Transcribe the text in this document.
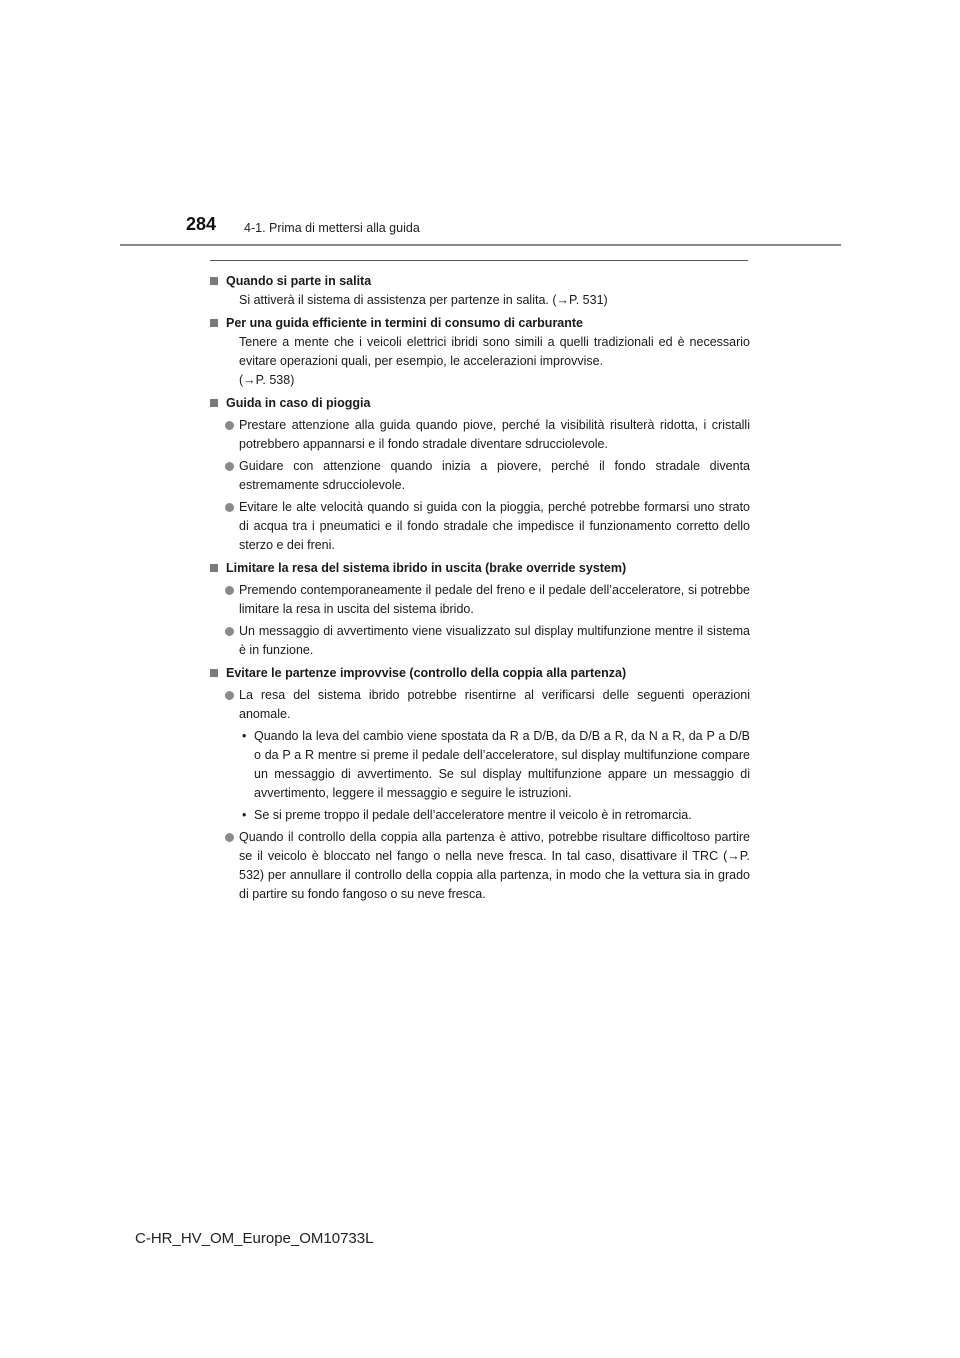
284 4-1. Prima di mettersi alla guida
Quando si parte in salita
Si attiverà il sistema di assistenza per partenze in salita. (→P. 531)
Per una guida efficiente in termini di consumo di carburante
Tenere a mente che i veicoli elettrici ibridi sono simili a quelli tradizionali ed è necessario evitare operazioni quali, per esempio, le accelerazioni improvvise.
(→P. 538)
Guida in caso di pioggia
Prestare attenzione alla guida quando piove, perché la visibilità risulterà ridotta, i cristalli potrebbero appannarsi e il fondo stradale diventare sdrucciolevole.
Guidare con attenzione quando inizia a piovere, perché il fondo stradale diventa estremamente sdrucciolevole.
Evitare le alte velocità quando si guida con la pioggia, perché potrebbe formarsi uno strato di acqua tra i pneumatici e il fondo stradale che impedisce il funzionamento corretto dello sterzo e dei freni.
Limitare la resa del sistema ibrido in uscita (brake override system)
Premendo contemporaneamente il pedale del freno e il pedale dell’acceleratore, si potrebbe limitare la resa in uscita del sistema ibrido.
Un messaggio di avvertimento viene visualizzato sul display multifunzione mentre il sistema è in funzione.
Evitare le partenze improvvise (controllo della coppia alla partenza)
La resa del sistema ibrido potrebbe risentirne al verificarsi delle seguenti operazioni anomale.
• Quando la leva del cambio viene spostata da R a D/B, da D/B a R, da N a R, da P a D/B o da P a R mentre si preme il pedale dell’acceleratore, sul display multifunzione compare un messaggio di avvertimento. Se sul display multifunzione appare un messaggio di avvertimento, leggere il messaggio e seguire le istruzioni.
• Se si preme troppo il pedale dell’acceleratore mentre il veicolo è in retromarcia.
Quando il controllo della coppia alla partenza è attivo, potrebbe risultare difficoltoso partire se il veicolo è bloccato nel fango o nella neve fresca. In tal caso, disattivare il TRC (→P. 532) per annullare il controllo della coppia alla partenza, in modo che la vettura sia in grado di partire su fondo fangoso o su neve fresca.
C-HR_HV_OM_Europe_OM10733L
